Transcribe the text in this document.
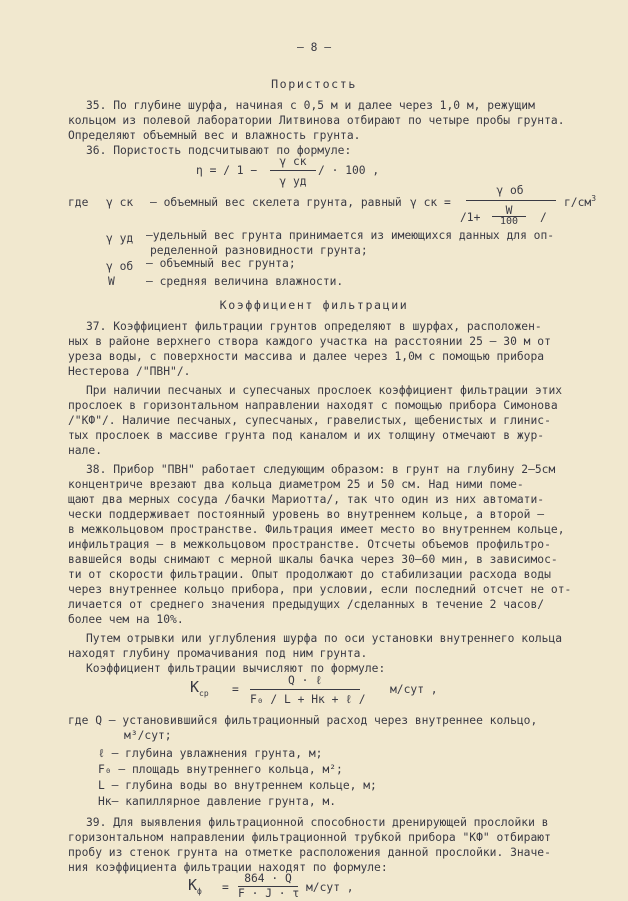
— 8 —
Пористость
35. По глубине шурфа, начиная с 0,5 м и далее через 1,0 м, режущим
кольцом из полевой лаборатории Литвинова отбирают по четыре пробы грунта.
Определяют объемный вес и влажность грунта.
36. Пористость подсчитывают по формуле:
η = / 1 −
γ ск
γ уд
/ · 100 ,
где γ ск – объемный вес скелета грунта, равный γ ск =
γ об
/1+
W
100	/
$г/см^3$
γ уд –удельный вес грунта принимается из имеющихся данных для оп-
ределенной разновидности грунта;
γ об – объемный вес грунта;
W	– средняя величина влажности.
Коэффициент фильтрации
37. Коэффициент фильтрации грунтов определяют в шурфах, расположен-
ных в районе верхнего створа каждого участка на расстоянии 25 – 30 м от
уреза воды, с поверхности массива и далее через 1,0м с помощью прибора
Нестерова /"ПВН"/.
При наличии песчаных и супесчаных прослоек коэффициент фильтрации этих
прослоек в горизонтальном направлении находят с помощью прибора Симонова
/"КФ"/. Наличие песчаных, супесчаных, гравелистых, щебенистых и глинис-
тых прослоек в массиве грунта под каналом и их толщину отмечают в жур-
нале.
38. Прибор "ПВН" работает следующим образом: в грунт на глубину 2–5см
концентриче врезают два кольца диаметром 25 и 50 см. Над ними поме-
щают два мерных сосуда /бачки Мариотта/, так что один из них автомати-
чески поддерживает постоянный уровень во внутреннем кольце, а второй –
в межкольцовом пространстве. Фильтрация имеет место во внутреннем кольце,
инфильтрация – в межкольцовом пространстве. Отсчеты объемов профильтро-
вавшейся воды снимают с мерной шкалы бачка через 30–60 мин, в зависимос-
ти от скорости фильтрации. Опыт продолжают до стабилизации расхода воды
через внутреннее кольцо прибора, при условии, если последний отсчет не от-
личается от среднего значения предыдущих /сделанных в течение 2 часов/
более чем на 10%.
Путем отрывки или углубления шурфа по оси установки внутреннего кольца
находят глубину промачивания под ним грунта.
Коэффициент фильтрации вычисляют по формуле:
$K_{ср}$ =
Q · ℓ
F₀ / L + Hк + ℓ /
м/сут ,
где Q – установившийся фильтрационный расход через внутреннее кольцо,
м³/сут;
ℓ – глубина увлажнения грунта, м;
F₀ – площадь внутреннего кольца, м²;
L – глубина воды во внутреннем кольце, м;
Hк– капиллярное давление грунта, м.
39. Для выявления фильтрационной способности дренирующей прослойки в
горизонтальном направлении фильтрационной трубкой прибора "КФ" отбирают
пробу из стенок грунта на отметке расположения данной прослойки. Значе-
ния коэффициента фильтрации находят по формуле:
$K_ф$ =
864 · Q
F · J · τ м/сут ,
